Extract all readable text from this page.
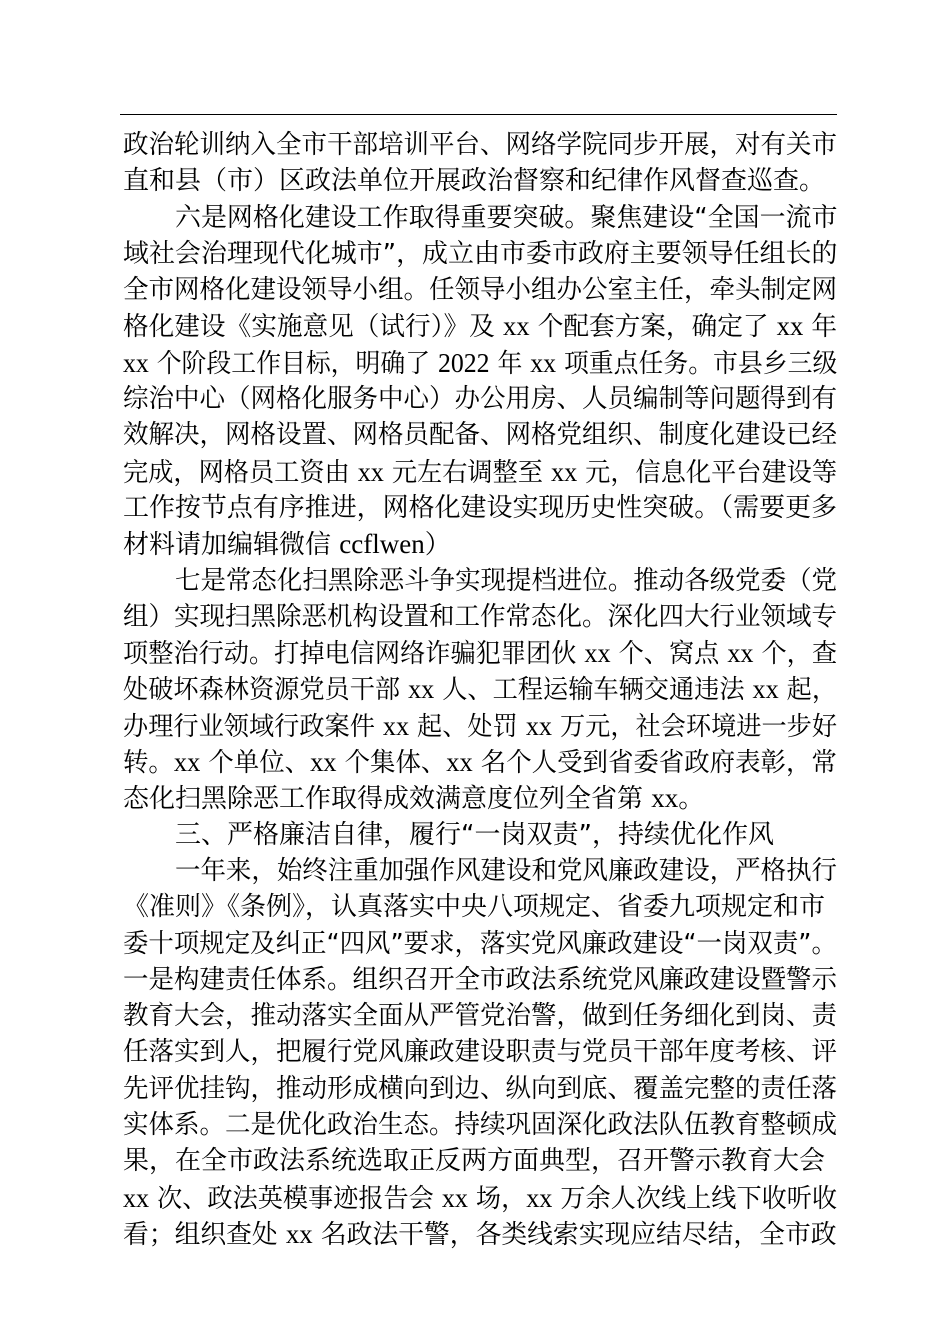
政治轮训纳入全市干部培训平台、网络学院同步开展，对有关市
直和县（市）区政法单位开展政治督察和纪律作风督查巡查。
六是网格化建设工作取得重要突破。聚焦建设“全国一流市
域社会治理现代化城市”，成立由市委市政府主要领导任组长的
全市网格化建设领导小组。任领导小组办公室主任，牵头制定网
格化建设《实施意见（试行）》及 xx 个配套方案，确定了 xx 年
xx 个阶段工作目标，明确了 2022 年 xx 项重点任务。市县乡三级
综治中心（网格化服务中心）办公用房、人员编制等问题得到有
效解决，网格设置、网格员配备、网格党组织、制度化建设已经
完成，网格员工资由 xx 元左右调整至 xx 元，信息化平台建设等
工作按节点有序推进，网格化建设实现历史性突破。（需要更多
材料请加编辑微信 ccflwen）
七是常态化扫黑除恶斗争实现提档进位。推动各级党委（党
组）实现扫黑除恶机构设置和工作常态化。深化四大行业领域专
项整治行动。打掉电信网络诈骗犯罪团伙 xx 个、窝点 xx 个，查
处破坏森林资源党员干部 xx 人、工程运输车辆交通违法 xx 起，
办理行业领域行政案件 xx 起、处罚 xx 万元，社会环境进一步好
转。xx 个单位、xx 个集体、xx 名个人受到省委省政府表彰，常
态化扫黑除恶工作取得成效满意度位列全省第 xx。
三、严格廉洁自律，履行“一岗双责”，持续优化作风
一年来，始终注重加强作风建设和党风廉政建设，严格执行
《准则》《条例》，认真落实中央八项规定、省委九项规定和市
委十项规定及纠正“四风”要求，落实党风廉政建设“一岗双责”。
一是构建责任体系。组织召开全市政法系统党风廉政建设暨警示
教育大会，推动落实全面从严管党治警，做到任务细化到岗、责
任落实到人，把履行党风廉政建设职责与党员干部年度考核、评
先评优挂钩，推动形成横向到边、纵向到底、覆盖完整的责任落
实体系。二是优化政治生态。持续巩固深化政法队伍教育整顿成
果，在全市政法系统选取正反两方面典型，召开警示教育大会
xx 次、政法英模事迹报告会 xx 场，xx 万余人次线上线下收听收
看；组织查处 xx 名政法干警，各类线索实现应结尽结，全市政
